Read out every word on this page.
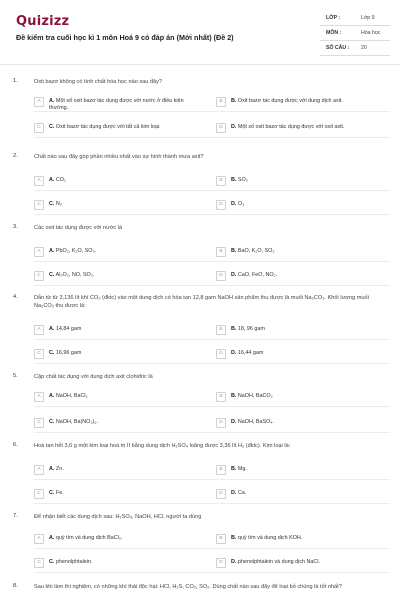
Quizizz
Đề kiểm tra cuối học kì 1 môn Hoá 9 có đáp án (Mới nhất) (Đề 2)
LỚP :	Lớp 9
MÔN :	Hóa học
SỐ CÂU : 20
1.	Oxit bazơ không có tính chất hóa học nào sau đây?
A	A. Một số oxit bazơ tác dụng được với nước ở điều kiện thường.
B	B. Oxit bazơ tác dụng được với dung dịch axit.
C	C. Oxit bazơ tác dụng được với tất cả kim loại.	D	D. Một số oxit bazơ tác dụng được với oxit axit.
2.	Chất nào sau đây góp phần nhiều nhất vào sự hình thành mưa axit?
A	A. CO₂	B	B. SO₂
C	C. N₂	D	D. O₃
3.	Các oxit tác dụng được với nước là
A	A. PbO₂, K₂O, SO₃.	B	B. BaO, K₂O, SO₂
C	C. Al₂O₃, NO, SO₂.	D	D. CaO, FeO, NO₂.
4.	Dẫn từ từ 3,136 lít khí CO₂ (đktc) vào một dung dịch có hòa tan 12,8 gam NaOH sản phẩm thu được là muối Na₂CO₃. Khối lượng muối Na₂CO₃ thu được là:
A	A. 14,84 gam	B	B. 18, 96 gam
C	C. 16,96 gam	D	D. 16,44 gam
5.	Cặp chất tác dụng với dung dịch axit clohiđric là
A	A. NaOH, BaCl₂	B	B. NaOH, BaCO₃
C	C. NaOH, Ba(NO₃)₂.	D	D. NaOH, BaSO₄.
6.	Hoà tan hết 3,6 g một kim loại hoá trị II bằng dung dịch H₂SO₄ loãng được 3,36 lít H₂ (đktc). Kim loại là:
A	A. Zn.	B	B. Mg.
C	C. Fe.	D	D. Ca.
7.	Để nhận biết các dung dịch sau: H₂SO₄, NaOH, HCl, người ta dùng
A	A. quỳ tím và dung dịch BaCl₂.	B	B. quỳ tím và dung dịch KOH.
C	C. phenolphtalein.	D	D. phenolphtalein và dung dịch NaCl.
8.	Sau khi làm thí nghiệm, có những khí thải độc hại: HCl, H₂S, CO₂, SO₂. Dùng chất nào sau đây để loại bỏ chúng là tốt nhất?
